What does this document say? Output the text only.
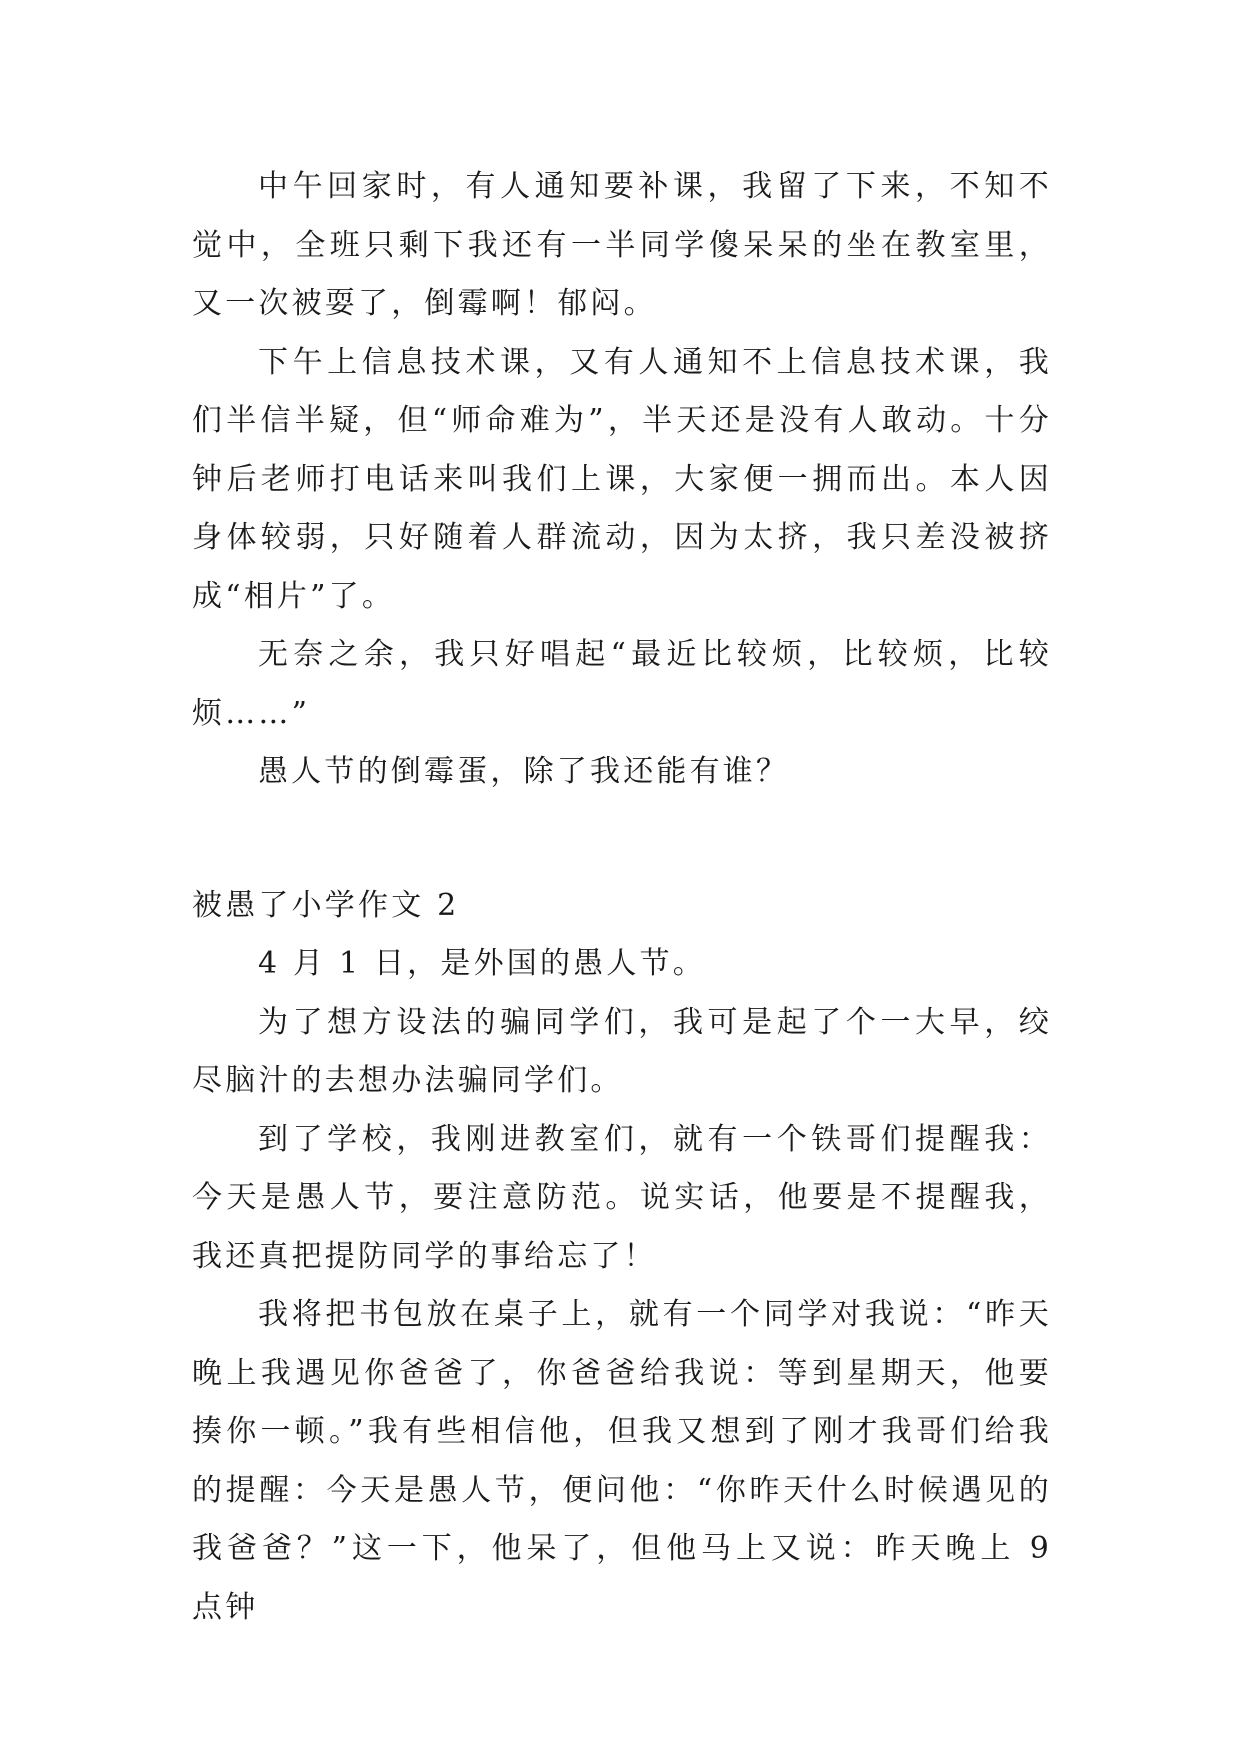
中午回家时，有人通知要补课，我留了下来，不知不觉中，全班只剩下我还有一半同学傻呆呆的坐在教室里，又一次被耍了，倒霉啊！郁闷。

下午上信息技术课，又有人通知不上信息技术课，我们半信半疑，但“师命难为”，半天还是没有人敢动。十分钟后老师打电话来叫我们上课，大家便一拥而出。本人因身体较弱，只好随着人群流动，因为太挤，我只差没被挤成“相片”了。

无奈之余，我只好唱起“最近比较烦，比较烦，比较烦……”

愚人节的倒霉蛋，除了我还能有谁？

被愚了小学作文 2

4 月 1 日，是外国的愚人节。

为了想方设法的骗同学们，我可是起了个一大早，绞尽脑汁的去想办法骗同学们。

到了学校，我刚进教室们，就有一个铁哥们提醒我：今天是愚人节，要注意防范。说实话，他要是不提醒我，我还真把提防同学的事给忘了！

我将把书包放在桌子上，就有一个同学对我说：“昨天晚上我遇见你爸爸了，你爸爸给我说：等到星期天，他要揍你一顿。”我有些相信他，但我又想到了刚才我哥们给我的提醒：今天是愚人节，便问他：“你昨天什么时候遇见的我爸爸？”这一下，他呆了，但他马上又说：昨天晚上 9 点钟
